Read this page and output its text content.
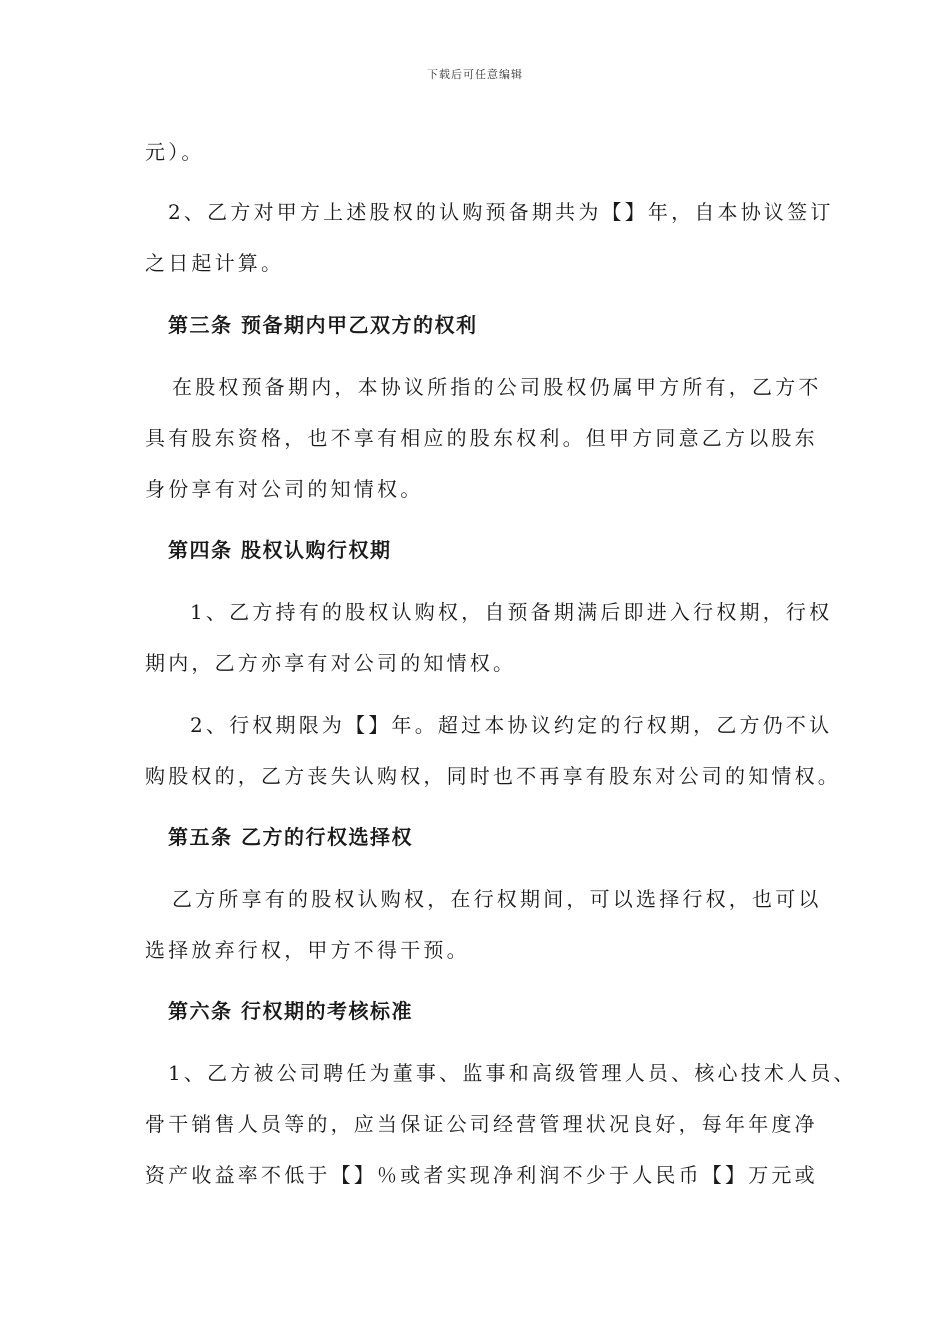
下载后可任意编辑
元）。
2、乙方对甲方上述股权的认购预备期共为【】年，自本协议签订
之日起计算。
第三条 预备期内甲乙双方的权利
在股权预备期内，本协议所指的公司股权仍属甲方所有，乙方不
具有股东资格，也不享有相应的股东权利。但甲方同意乙方以股东
身份享有对公司的知情权。
第四条 股权认购行权期
1、乙方持有的股权认购权，自预备期满后即进入行权期，行权
期内，乙方亦享有对公司的知情权。
2、行权期限为【】年。超过本协议约定的行权期，乙方仍不认
购股权的，乙方丧失认购权，同时也不再享有股东对公司的知情权。
第五条 乙方的行权选择权
乙方所享有的股权认购权，在行权期间，可以选择行权，也可以
选择放弃行权，甲方不得干预。
第六条 行权期的考核标准
1、乙方被公司聘任为董事、监事和高级管理人员、核心技术人员、
骨干销售人员等的，应当保证公司经营管理状况良好，每年年度净
资产收益率不低于【】％或者实现净利润不少于人民币【】万元或
